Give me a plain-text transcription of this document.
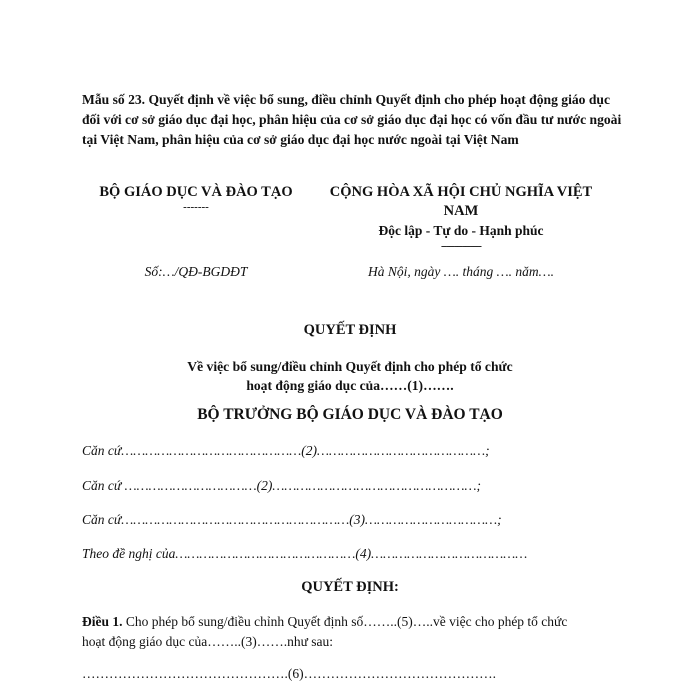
Mẫu số 23. Quyết định về việc bổ sung, điều chỉnh Quyết định cho phép hoạt động giáo dục đối với cơ sở giáo dục đại học, phân hiệu của cơ sở giáo dục đại học có vốn đầu tư nước ngoài tại Việt Nam, phân hiệu của cơ sở giáo dục đại học nước ngoài tại Việt Nam
BỘ GIÁO DỤC VÀ ĐÀO TẠO
-------
CỘNG HÒA XÃ HỘI CHỦ NGHĨA VIỆT NAM
Độc lập - Tự do - Hạnh phúc
---------------
Số:…/QĐ-BGDĐT	Hà Nội, ngày …. tháng …. năm….
QUYẾT ĐỊNH
Về việc bổ sung/điều chỉnh Quyết định cho phép tổ chức
hoạt động giáo dục của……(1)…….
BỘ TRƯỞNG BỘ GIÁO DỤC VÀ ĐÀO TẠO
Căn cứ………………………………………(2)……………………………………;
Căn cứ ……………………………(2)……………………………………………;
Căn cứ…………………………………………………(3)……………………………;
Theo đề nghị của………………………………………(4)…………………………………
QUYẾT ĐỊNH:
Điều 1. Cho phép bổ sung/điều chỉnh Quyết định số……..(5)…..về việc cho phép tổ chức
hoạt động giáo dục của……..(3)…….như sau:
……………………………………….(6)…………………………………….
